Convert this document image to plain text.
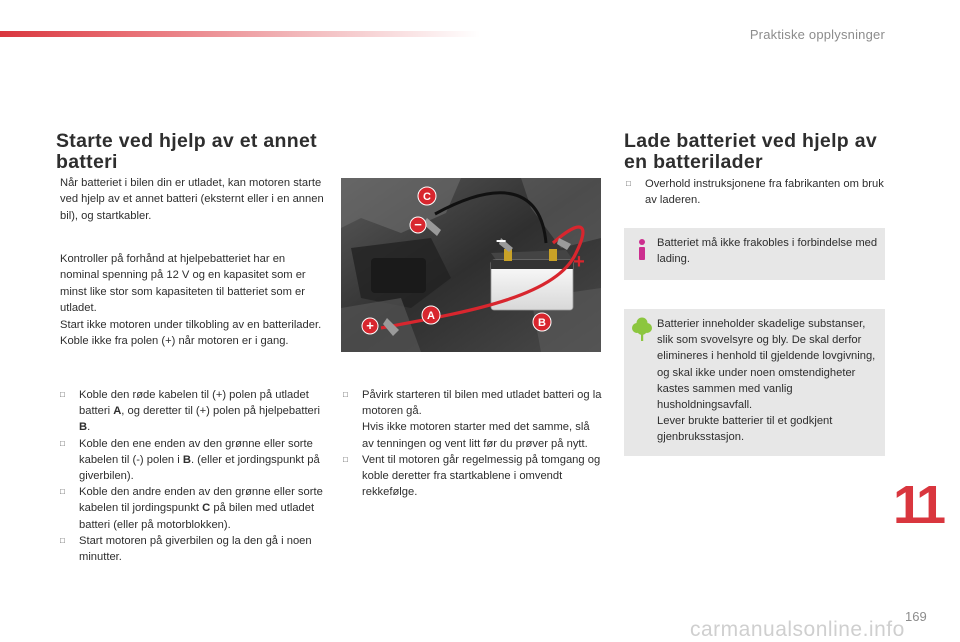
Praktiske opplysninger
Starte ved hjelp av et annet batteri

Når batteriet i bilen din er utladet, kan motoren starte ved hjelp av et annet batteri (eksternt eller i en annen bil), og startkabler.

Kontroller på forhånd at hjelpebatteriet har en nominal spenning på 12 V og en kapasitet som er minst like stor som kapasiteten til batteriet som er utladet.
Start ikke motoren under tilkobling av en batterilader.
Koble ikke fra polen (+) når motoren er i gang.
□ Koble den røde kabelen til (+) polen på utladet batteri A, og deretter til (+) polen på hjelpebatteri B.
□ Koble den ene enden av den grønne eller sorte kabelen til (-) polen i B. (eller et jordingspunkt på giverbilen).
□ Koble den andre enden av den grønne eller sorte kabelen til jordingspunkt C på bilen med utladet batteri (eller på motorblokken).
□ Start motoren på giverbilen og la den gå i noen minutter.
C
−
−
+
+
A
B
□ Påvirk starteren til bilen med utladet batteri og la motoren gå.
Hvis ikke motoren starter med det samme, slå av tenningen og vent litt før du prøver på nytt.
□ Vent til motoren går regelmessig på tomgang og koble deretter fra startkablene i omvendt rekkefølge.
Lade batteriet ved hjelp av en batterilader
□ Overhold instruksjonene fra fabrikanten om bruk av laderen.
Batteriet må ikke frakobles i forbindelse med lading.
Batterier inneholder skadelige substanser, slik som svovelsyre og bly. De skal derfor elimineres i henhold til gjeldende lovgivning, og skal ikke under noen omstendigheter kastes sammen med vanlig husholdningsavfall.
Lever brukte batterier til et godkjent gjenbruksstasjon.
11
169
carmanualsonline.info
